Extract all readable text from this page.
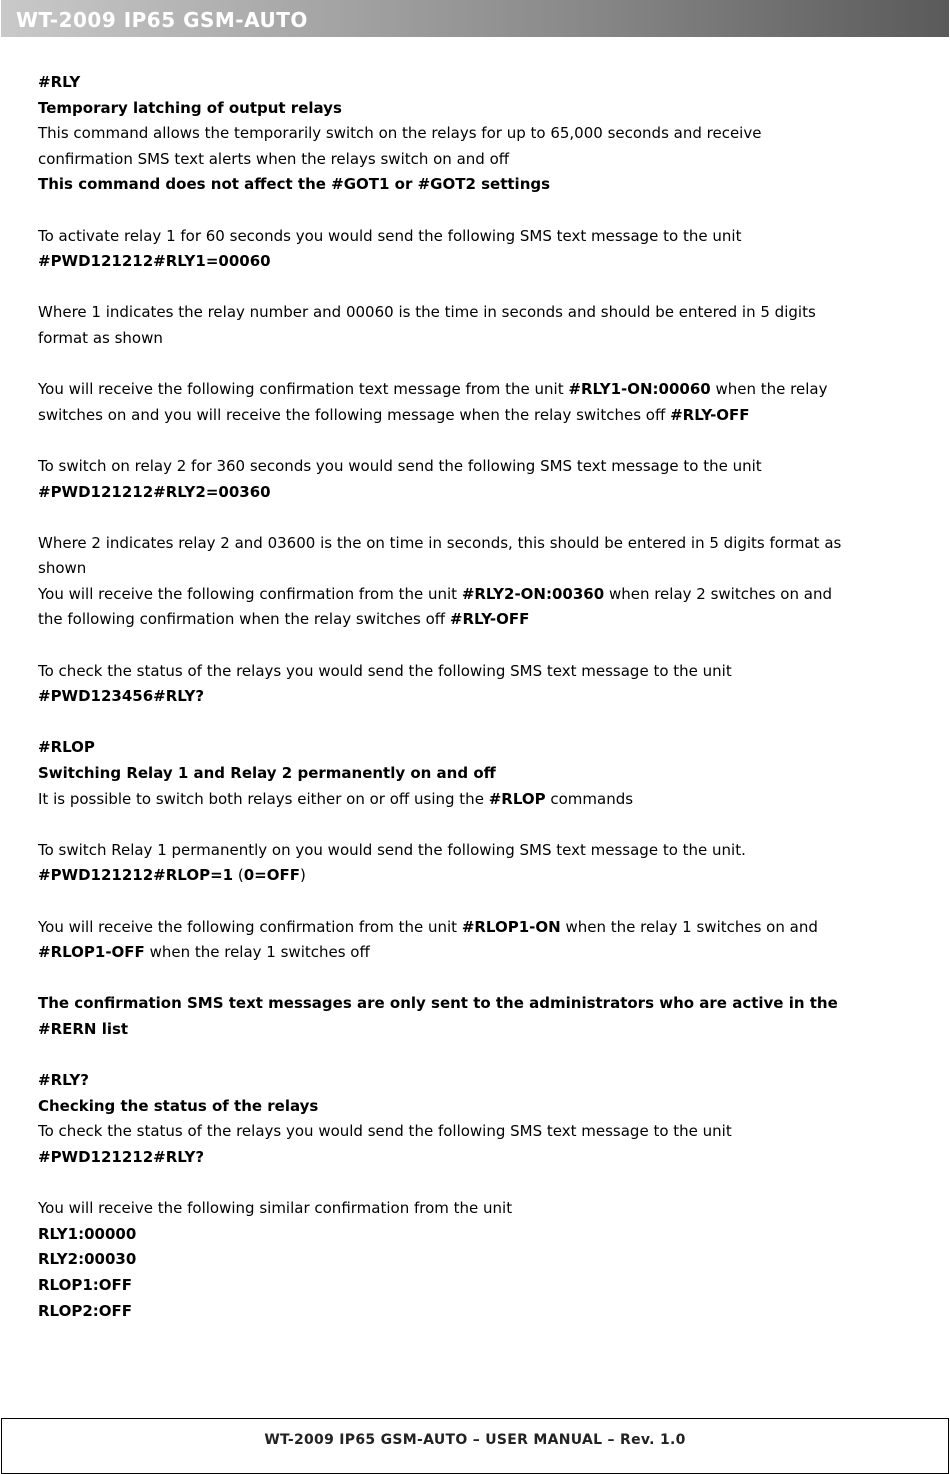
WT-2009 IP65 GSM-AUTO
#RLY
Temporary latching of output relays
This command allows the temporarily switch on the relays for up to 65,000 seconds and receive
confirmation SMS text alerts when the relays switch on and off
This command does not affect the #GOT1 or #GOT2 settings
To activate relay 1 for 60 seconds you would send the following SMS text message to the unit
#PWD121212#RLY1=00060
Where 1 indicates the relay number and 00060 is the time in seconds and should be entered in 5 digits
format as shown
You will receive the following confirmation text message from the unit #RLY1-ON:00060 when the relay
switches on and you will receive the following message when the relay switches off #RLY-OFF
To switch on relay 2 for 360 seconds you would send the following SMS text message to the unit
#PWD121212#RLY2=00360
Where 2 indicates relay 2 and 03600 is the on time in seconds, this should be entered in 5 digits format as
shown
You will receive the following confirmation from the unit #RLY2-ON:00360 when relay 2 switches on and
the following confirmation when the relay switches off #RLY-OFF
To check the status of the relays you would send the following SMS text message to the unit
#PWD123456#RLY?
#RLOP
Switching Relay 1 and Relay 2 permanently on and off
It is possible to switch both relays either on or off using the #RLOP commands
To switch Relay 1 permanently on you would send the following SMS text message to the unit.
#PWD121212#RLOP=1 (0=OFF)
You will receive the following confirmation from the unit #RLOP1-ON when the relay 1 switches on and
#RLOP1-OFF when the relay 1 switches off
The confirmation SMS text messages are only sent to the administrators who are active in the
#RERN list
#RLY?
Checking the status of the relays
To check the status of the relays you would send the following SMS text message to the unit
#PWD121212#RLY?
You will receive the following similar confirmation from the unit
RLY1:00000
RLY2:00030
RLOP1:OFF
RLOP2:OFF
WT-2009 IP65 GSM-AUTO – USER MANUAL – Rev. 1.0
